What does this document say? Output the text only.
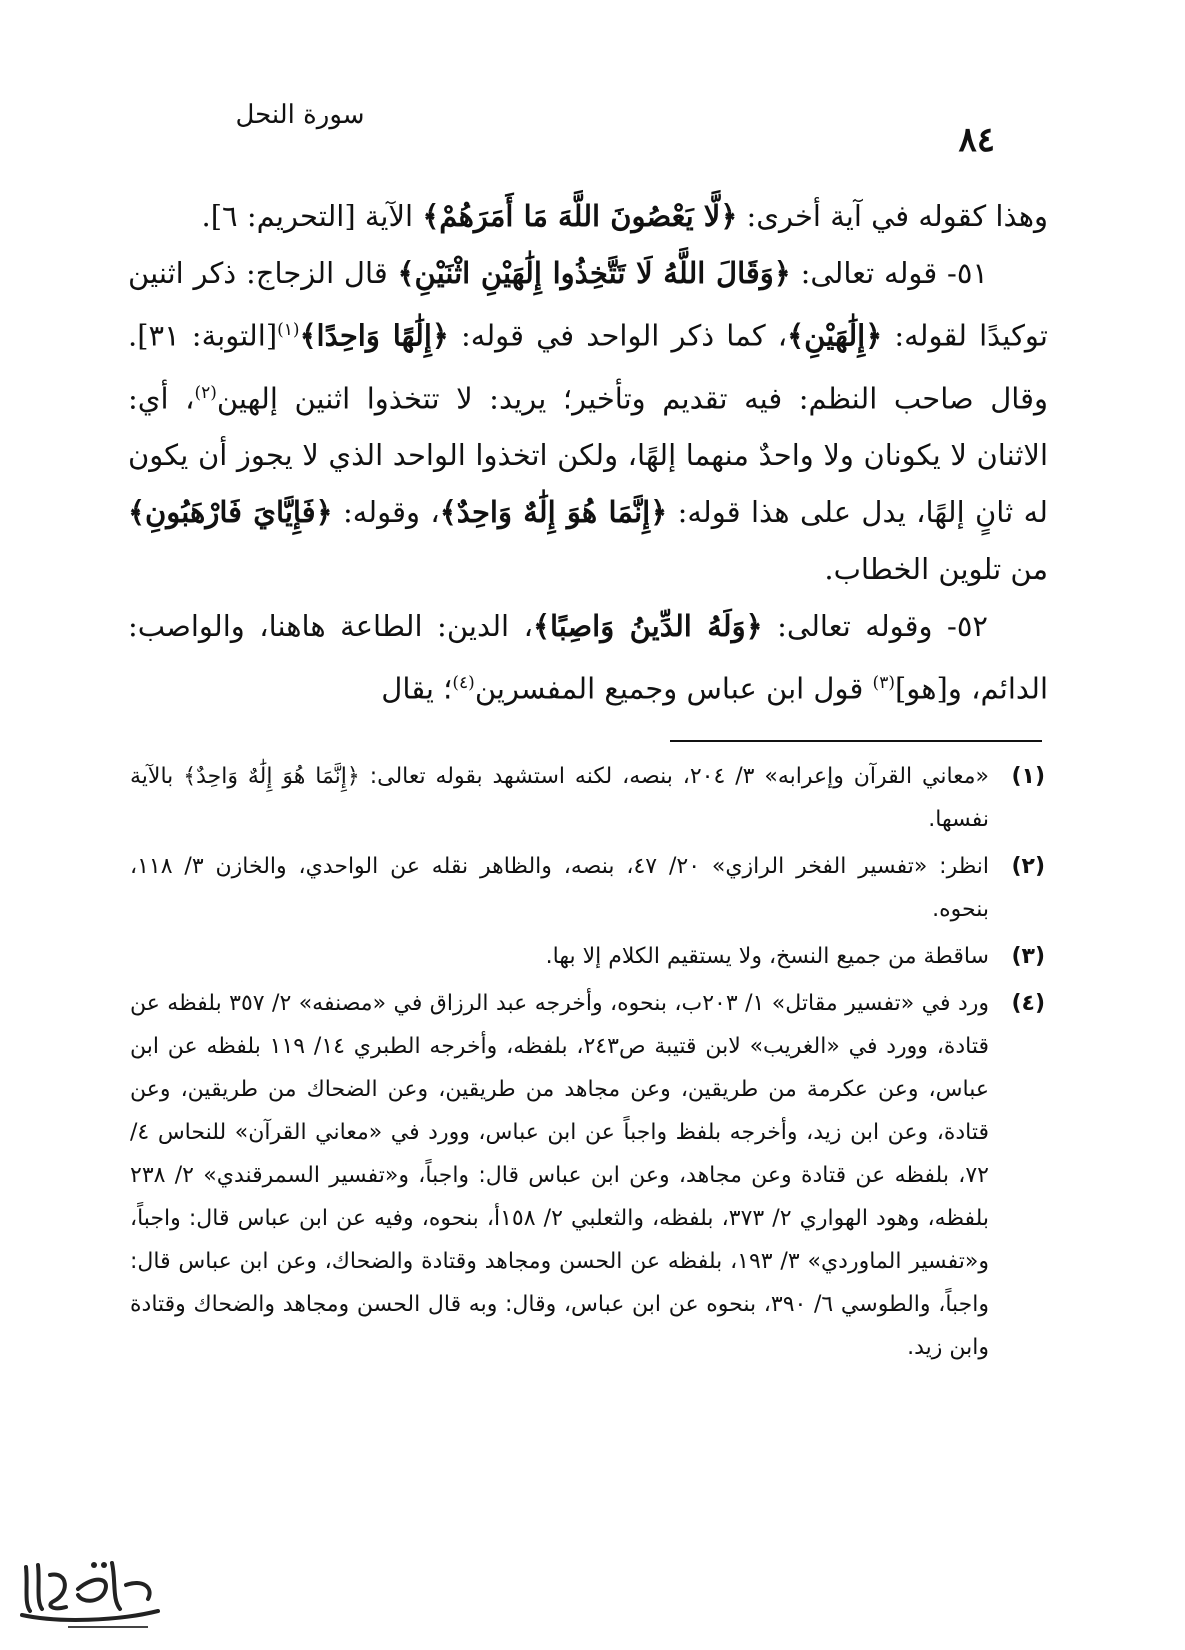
سورة النحل
٨٤

وهذا كقوله في آية أخرى: ﴿لَّا يَعْصُونَ اللَّهَ مَا أَمَرَهُمْ﴾ الآية [التحريم: ٦].

٥١- قوله تعالى: ﴿وَقَالَ اللَّهُ لَا تَتَّخِذُوا إِلَٰهَيْنِ اثْنَيْنِ﴾ قال الزجاج: ذكر اثنين توكيدًا لقوله: ﴿إِلَٰهَيْنِ﴾، كما ذكر الواحد في قوله: ﴿إِلَٰهًا وَاحِدًا﴾$^{(١)}$[التوبة: ٣١]. وقال صاحب النظم: فيه تقديم وتأخير؛ يريد: لا تتخذوا اثنين إلهين$^{(٢)}$، أي: الاثنان لا يكونان ولا واحدٌ منهما إلهًا، ولكن اتخذوا الواحد الذي لا يجوز أن يكون له ثانٍ إلهًا، يدل على هذا قوله: ﴿إِنَّمَا هُوَ إِلَٰهٌ وَاحِدٌ﴾، وقوله: ﴿فَإِيَّايَ فَارْهَبُونِ﴾ من تلوين الخطاب.

٥٢- وقوله تعالى: ﴿وَلَهُ الدِّينُ وَاصِبًا﴾، الدين: الطاعة هاهنا، والواصب: الدائم، و[هو]$^{(٣)}$ قول ابن عباس وجميع المفسرين$^{(٤)}$؛ يقال

(١)
«معاني القرآن وإعرابه» ٣/ ٢٠٤، بنصه، لكنه استشهد بقوله تعالى: ﴿إِنَّمَا هُوَ إِلَٰهٌ وَاحِدٌ﴾ بالآية نفسها.
(٢)
انظر: «تفسير الفخر الرازي» ٢٠/ ٤٧، بنصه، والظاهر نقله عن الواحدي، والخازن ٣/ ١١٨، بنحوه.
(٣)
ساقطة من جميع النسخ، ولا يستقيم الكلام إلا بها.
(٤)
ورد في «تفسير مقاتل» ١/ ٢٠٣ب، بنحوه، وأخرجه عبد الرزاق في «مصنفه» ٢/ ٣٥٧ بلفظه عن قتادة، وورد في «الغريب» لابن قتيبة ص٢٤٣، بلفظه، وأخرجه الطبري ١٤/ ١١٩ بلفظه عن ابن عباس، وعن عكرمة من طريقين، وعن مجاهد من طريقين، وعن الضحاك من طريقين، وعن قتادة، وعن ابن زيد، وأخرجه بلفظ واجباً عن ابن عباس، وورد في «معاني القرآن» للنحاس ٤/ ٧٢، بلفظه عن قتادة وعن مجاهد، وعن ابن عباس قال: واجباً، و«تفسير السمرقندي» ٢/ ٢٣٨ بلفظه، وهود الهواري ٢/ ٣٧٣، بلفظه، والثعلبي ٢/ ١٥٨أ، بنحوه، وفيه عن ابن عباس قال: واجباً، و«تفسير الماوردي» ٣/ ١٩٣، بلفظه عن الحسن ومجاهد وقتادة والضحاك، وعن ابن عباس قال: واجباً، والطوسي ٦/ ٣٩٠، بنحوه عن ابن عباس، وقال: وبه قال الحسن ومجاهد والضحاك وقتادة وابن زيد.
